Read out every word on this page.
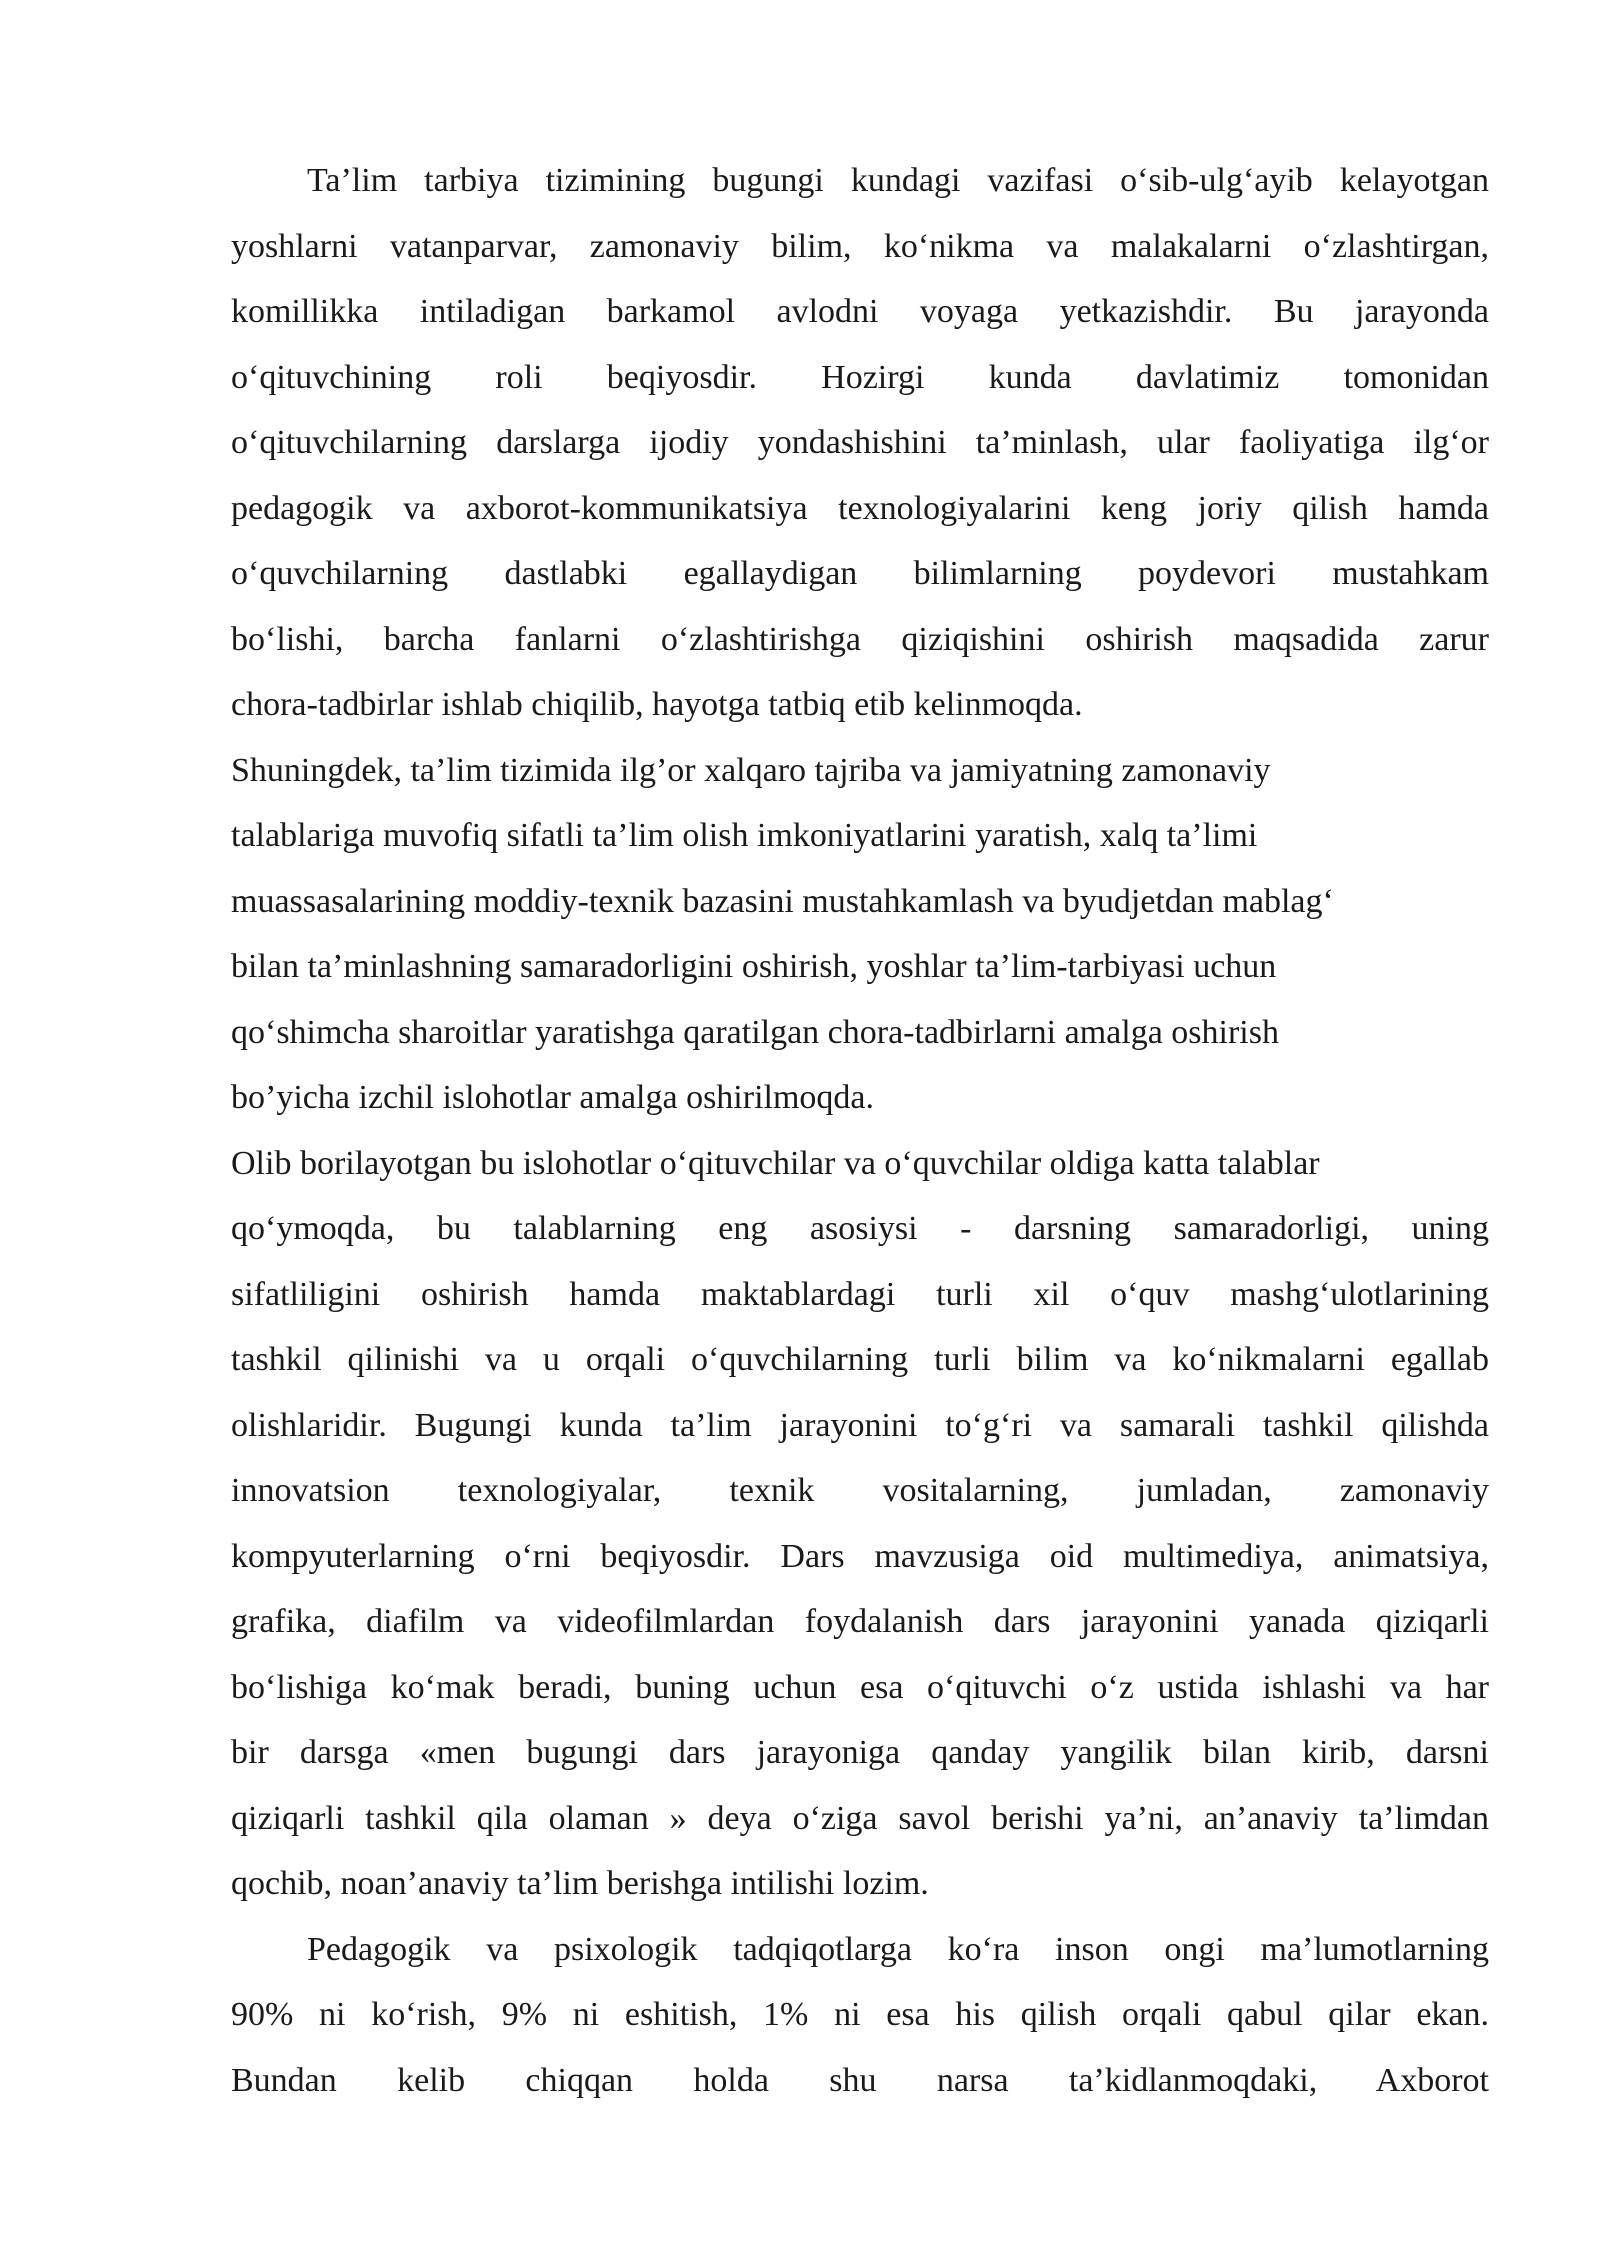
Ta’lim tarbiya tizimining bugungi kundagi vazifasi o‘sib-ulg‘ayib kelayotgan
yoshlarni vatanparvar, zamonaviy bilim, ko‘nikma va malakalarni o‘zlashtirgan,
komillikka intiladigan barkamol avlodni voyaga yetkazishdir. Bu jarayonda
o‘qituvchining roli beqiyosdir. Hozirgi kunda davlatimiz tomonidan
o‘qituvchilarning darslarga ijodiy yondashishini ta’minlash, ular faoliyatiga ilg‘or
pedagogik va axborot-kommunikatsiya texnologiyalarini keng joriy qilish hamda
o‘quvchilarning dastlabki egallaydigan bilimlarning poydevori mustahkam
bo‘lishi, barcha fanlarni o‘zlashtirishga qiziqishini oshirish maqsadida zarur
chora-tadbirlar ishlab chiqilib, hayotga tatbiq etib kelinmoqda.
Shuningdek, ta’lim tizimida ilg’or xalqaro tajriba va jamiyatning zamonaviy
talablariga muvofiq sifatli ta’lim olish imkoniyatlarini yaratish, xalq ta’limi
muassasalarining moddiy-texnik bazasini mustahkamlash va byudjetdan mablag‘
bilan ta’minlashning samaradorligini oshirish, yoshlar ta’lim-tarbiyasi uchun
qo‘shimcha sharoitlar yaratishga qaratilgan chora-tadbirlarni amalga oshirish
bo’yicha izchil islohotlar amalga oshirilmoqda.
Olib borilayotgan bu islohotlar o‘qituvchilar va o‘quvchilar oldiga katta talablar
qo‘ymoqda, bu talablarning eng asosiysi - darsning samaradorligi, uning
sifatliligini oshirish hamda maktablardagi turli xil o‘quv mashg‘ulotlarining
tashkil qilinishi va u orqali o‘quvchilarning turli bilim va ko‘nikmalarni egallab
olishlaridir. Bugungi kunda ta’lim jarayonini to‘g‘ri va samarali tashkil qilishda
innovatsion texnologiyalar, texnik vositalarning, jumladan, zamonaviy
kompyuterlarning o‘rni beqiyosdir. Dars mavzusiga oid multimediya, animatsiya,
grafika, diafilm va videofilmlardan foydalanish dars jarayonini yanada qiziqarli
bo‘lishiga ko‘mak beradi, buning uchun esa o‘qituvchi o‘z ustida ishlashi va har
bir darsga «men bugungi dars jarayoniga qanday yangilik bilan kirib, darsni
qiziqarli tashkil qila olaman » deya o‘ziga savol berishi ya’ni, an’anaviy ta’limdan
qochib, noan’anaviy ta’lim berishga intilishi lozim.
Pedagogik va psixologik tadqiqotlarga ko‘ra inson ongi ma’lumotlarning
90% ni ko‘rish, 9% ni eshitish, 1% ni esa his qilish orqali qabul qilar ekan.
Bundan kelib chiqqan holda shu narsa ta’kidlanmoqdaki, Axborot
